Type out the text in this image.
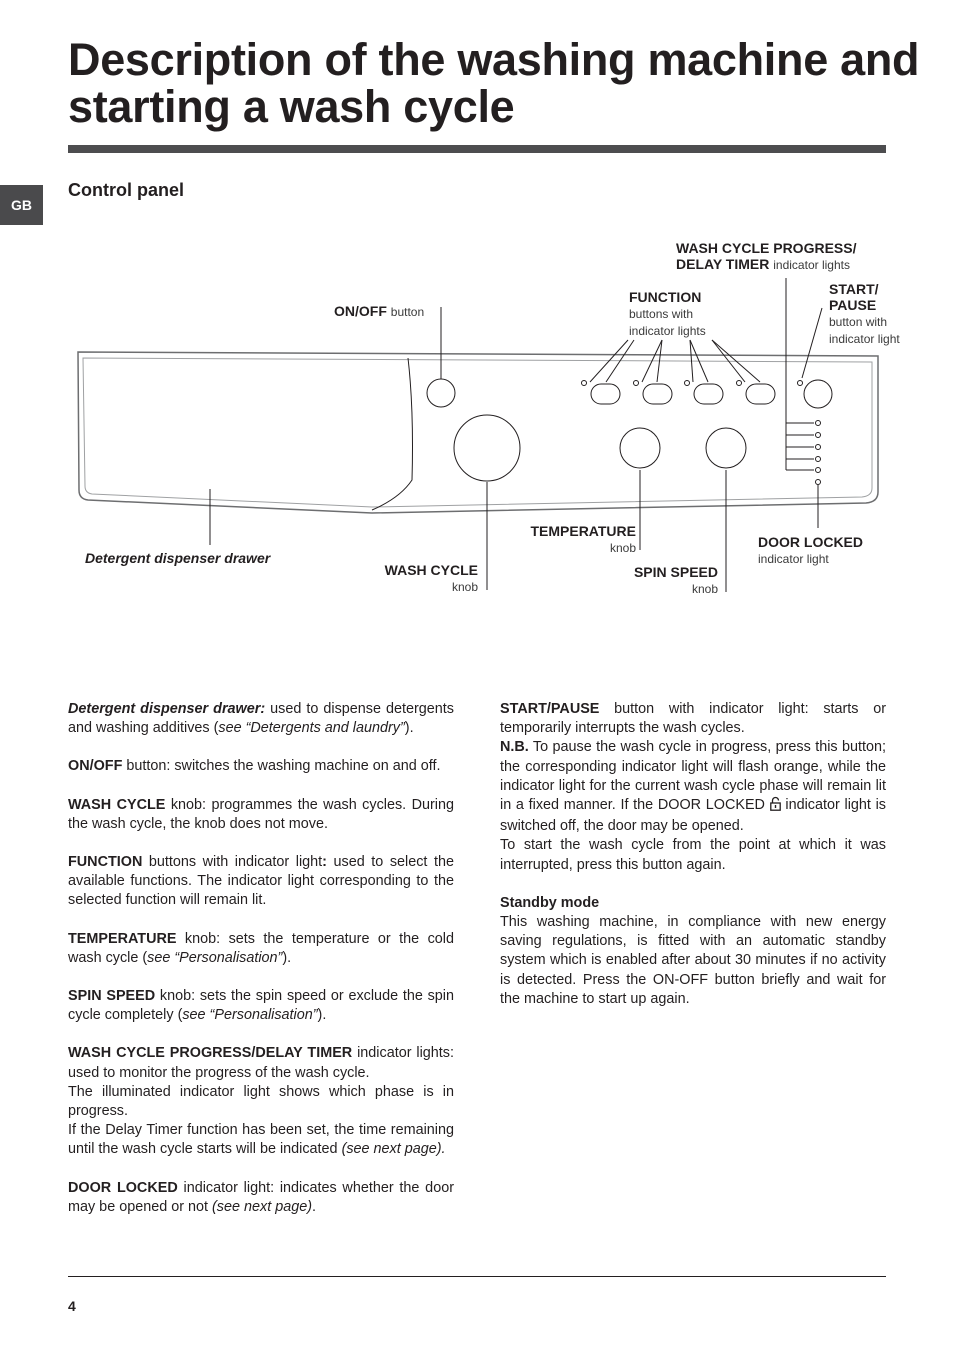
Description of the washing machine and starting a wash cycle
GB
Control panel
ON/OFF button
FUNCTION
buttons with
indicator lights
WASH CYCLE PROGRESS/
DELAY TIMER indicator lights
START/
PAUSE
button with
indicator light
Detergent dispenser drawer
WASH CYCLE
knob
TEMPERATURE
knob
SPIN SPEED
knob
DOOR LOCKED
indicator light

Detergent dispenser drawer: used to dispense detergents and washing additives (see “Detergents and laundry”).

ON/OFF button: switches the washing machine on and off.

WASH CYCLE knob: programmes the wash cycles. During the wash cycle, the knob does not move.

FUNCTION buttons with indicator light: used to select the available functions. The indicator light corresponding to the selected function will remain lit.

TEMPERATURE knob: sets the temperature or the cold wash cycle (see “Personalisation”).

SPIN SPEED knob: sets the spin speed or exclude the spin cycle completely (see “Personalisation”).

WASH CYCLE PROGRESS/DELAY TIMER indicator lights: used to monitor the progress of the wash cycle.

The illuminated indicator light shows which phase is in progress.

If the Delay Timer function has been set, the time remaining until the wash cycle starts will be indicated (see next page).

DOOR LOCKED indicator light: indicates whether the door may be opened or not (see next page).

START/PAUSE button with indicator light: starts or temporarily interrupts the wash cycles.

N.B. To pause the wash cycle in progress, press this button; the corresponding indicator light will flash orange, while the indicator light for the current wash cycle phase will remain lit in a fixed manner. If the DOOR LOCKED  indicator light is switched off, the door may be opened.

To start the wash cycle from the point at which it was interrupted, press this button again.

Standby mode

This washing machine, in compliance with new energy saving regulations, is fitted with an automatic standby system which is enabled after about 30 minutes if no activity is detected. Press the ON-OFF button briefly and wait for the machine to start up again.

4
